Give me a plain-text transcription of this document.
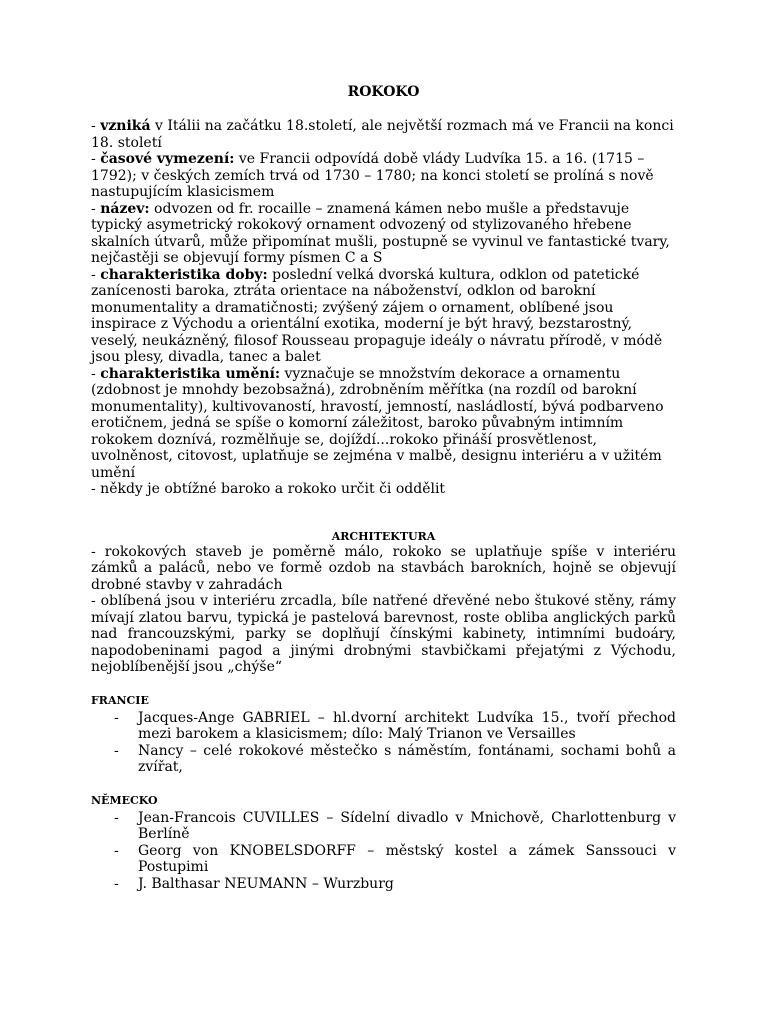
ROKOKO

- vzniká v Itálii na začátku 18.století, ale největší rozmach má ve Francii na konci 18. století

- časové vymezení: ve Francii odpovídá době vlády Ludvíka 15. a 16. (1715 – 1792); v českých zemích trvá od 1730 – 1780; na konci století se prolíná s nově nastupujícím klasicismem

- název: odvozen od fr. rocaille – znamená kámen nebo mušle a představuje typický asymetrický rokokový ornament odvozený od stylizovaného hřebene skalních útvarů, může připomínat mušli, postupně se vyvinul ve fantastické tvary, nejčastěji se objevují formy písmen C a S

- charakteristika doby: poslední velká dvorská kultura, odklon od patetické zanícenosti baroka, ztráta orientace na náboženství, odklon od barokní monumentality a dramatičnosti; zvýšený zájem o ornament, oblíbené jsou inspirace z Východu a orientální exotika, moderní je být hravý, bezstarostný, veselý, neukázněný, filosof Rousseau propaguje ideály o návratu přírodě, v módě jsou plesy, divadla, tanec a balet

- charakteristika umění: vyznačuje se množstvím dekorace a ornamentu (zdobnost je mnohdy bezobsažná), zdrobněním měřítka (na rozdíl od barokní monumentality), kultivovaností, hravostí, jemností, nasládlostí, bývá podbarveno erotičnem, jedná se spíše o komorní záležitost, baroko půvabným intimním rokokem doznívá, rozmělňuje se, dojíždí...rokoko přináší prosvětlenost, uvolněnost, citovost, uplatňuje se zejména v malbě, designu interiéru a v užitém umění

- někdy je obtížné baroko a rokoko určit či oddělit

ARCHITEKTURA

- rokokových staveb je poměrně málo, rokoko se uplatňuje spíše v interiéru zámků a paláců, nebo ve formě ozdob na stavbách barokních, hojně se objevují drobné stavby v zahradách

- oblíbená jsou v interiéru zrcadla, bíle natřené dřevěné nebo štukové stěny, rámy mívají zlatou barvu, typická je pastelová barevnost, roste obliba anglických parků nad francouzskými, parky se doplňují čínskými kabinety, intimními budoáry, napodobeninami pagod a jinými drobnými stavbičkami přejatými z Východu, nejoblíbenější jsou „chýše“

FRANCIE
- Jacques-Ange GABRIEL – hl.dvorní architekt Ludvíka 15., tvoří přechod mezi barokem a klasicismem; dílo: Malý Trianon ve Versailles
- Nancy – celé rokokové městečko s náměstím, fontánami, sochami bohů a zvířat,
NĚMECKO
- Jean-Francois CUVILLES – Sídelní divadlo v Mnichově, Charlottenburg v Berlíně
- Georg von KNOBELSDORFF – městský kostel a zámek Sanssouci v Postupimi
- J. Balthasar NEUMANN – Wurzburg
